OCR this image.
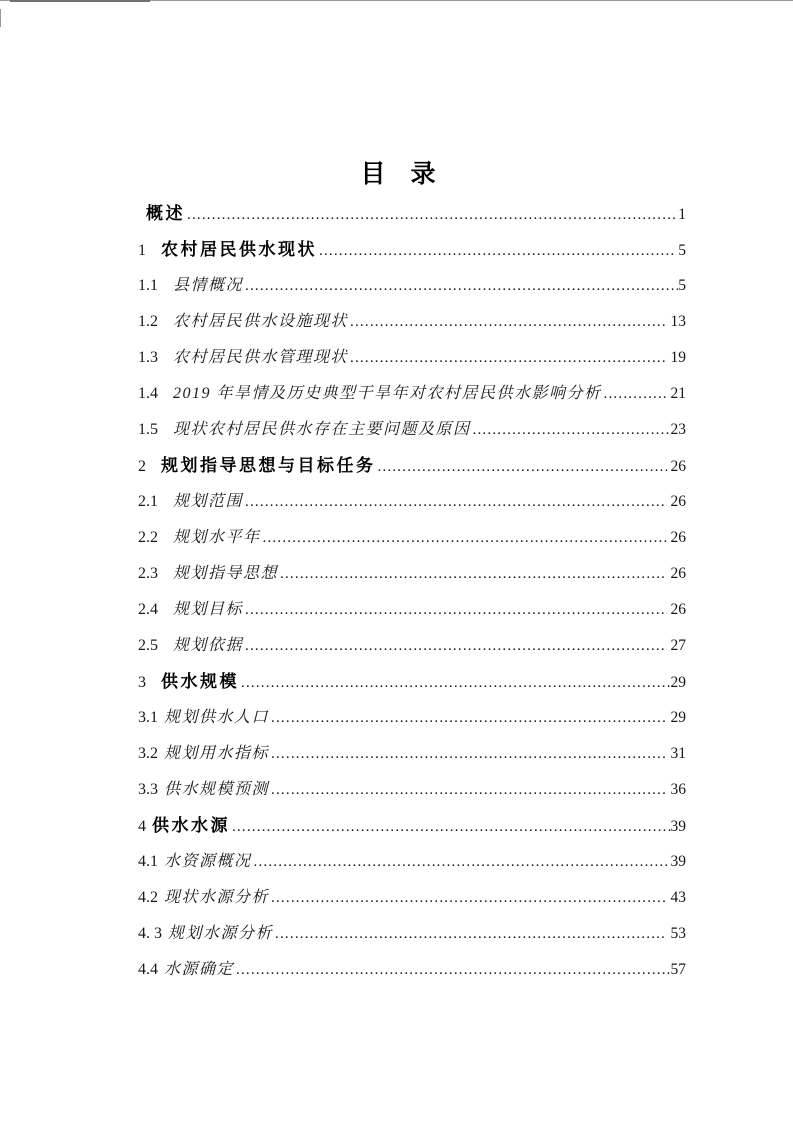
目　录
概述 .....	1
1 农村居民供水现状 .....	5
1.1 县情概况 .....	5
1.2 农村居民供水设施现状 .....	13
1.3 农村居民供水管理现状 .....	19
1.4 2019 年旱情及历史典型干旱年对农村居民供水影响分析 .....	21
1.5 现状农村居民供水存在主要问题及原因 .....	23
2 规划指导思想与目标任务 .....	26
2.1 规划范围 .....	26
2.2 规划水平年 .....	26
2.3 规划指导思想 .....	26
2.4 规划目标 .....	26
2.5 规划依据 .....	27
3 供水规模 .....	29
3.1 规划供水人口 .....	29
3.2 规划用水指标 .....	31
3.3 供水规模预测 .....	36
4 供水水源 .....	39
4.1 水资源概况 .....	39
4.2 现状水源分析 .....	43
4. 3 规划水源分析 .....	53
4.4 水源确定 .....	57
